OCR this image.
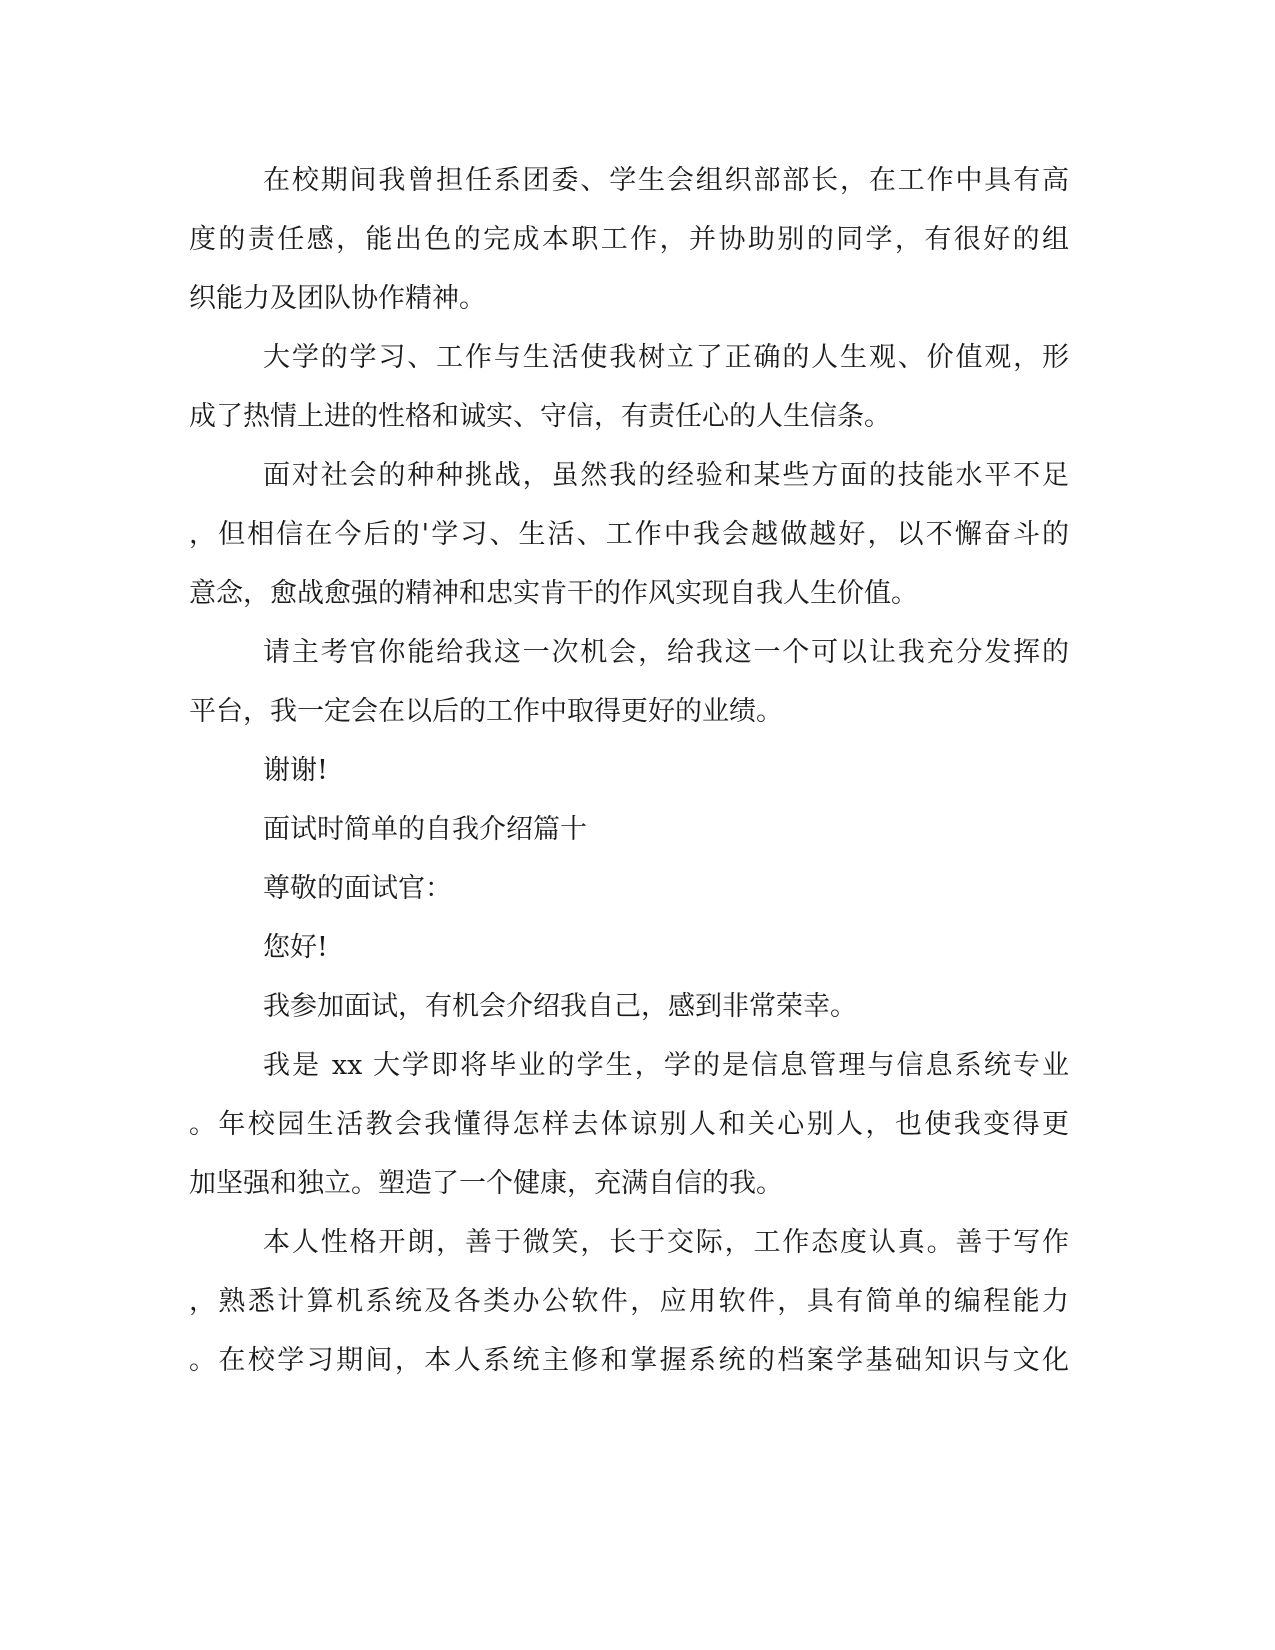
在校期间我曾担任系团委、学生会组织部部长，在工作中具有高
度的责任感，能出色的完成本职工作，并协助别的同学，有很好的组
织能力及团队协作精神。
大学的学习、工作与生活使我树立了正确的人生观、价值观，形
成了热情上进的性格和诚实、守信，有责任心的人生信条。
面对社会的种种挑战，虽然我的经验和某些方面的技能水平不足
，但相信在今后的'学习、生活、工作中我会越做越好，以不懈奋斗的
意念，愈战愈强的精神和忠实肯干的作风实现自我人生价值。
请主考官你能给我这一次机会，给我这一个可以让我充分发挥的
平台，我一定会在以后的工作中取得更好的业绩。
谢谢!
面试时简单的自我介绍篇十
尊敬的面试官：
您好!
我参加面试，有机会介绍我自己，感到非常荣幸。
我是 xx 大学即将毕业的学生，学的是信息管理与信息系统专业
。年校园生活教会我懂得怎样去体谅别人和关心别人，也使我变得更
加坚强和独立。塑造了一个健康，充满自信的我。
本人性格开朗，善于微笑，长于交际，工作态度认真。善于写作
，熟悉计算机系统及各类办公软件，应用软件，具有简单的编程能力
。在校学习期间，本人系统主修和掌握系统的档案学基础知识与文化
